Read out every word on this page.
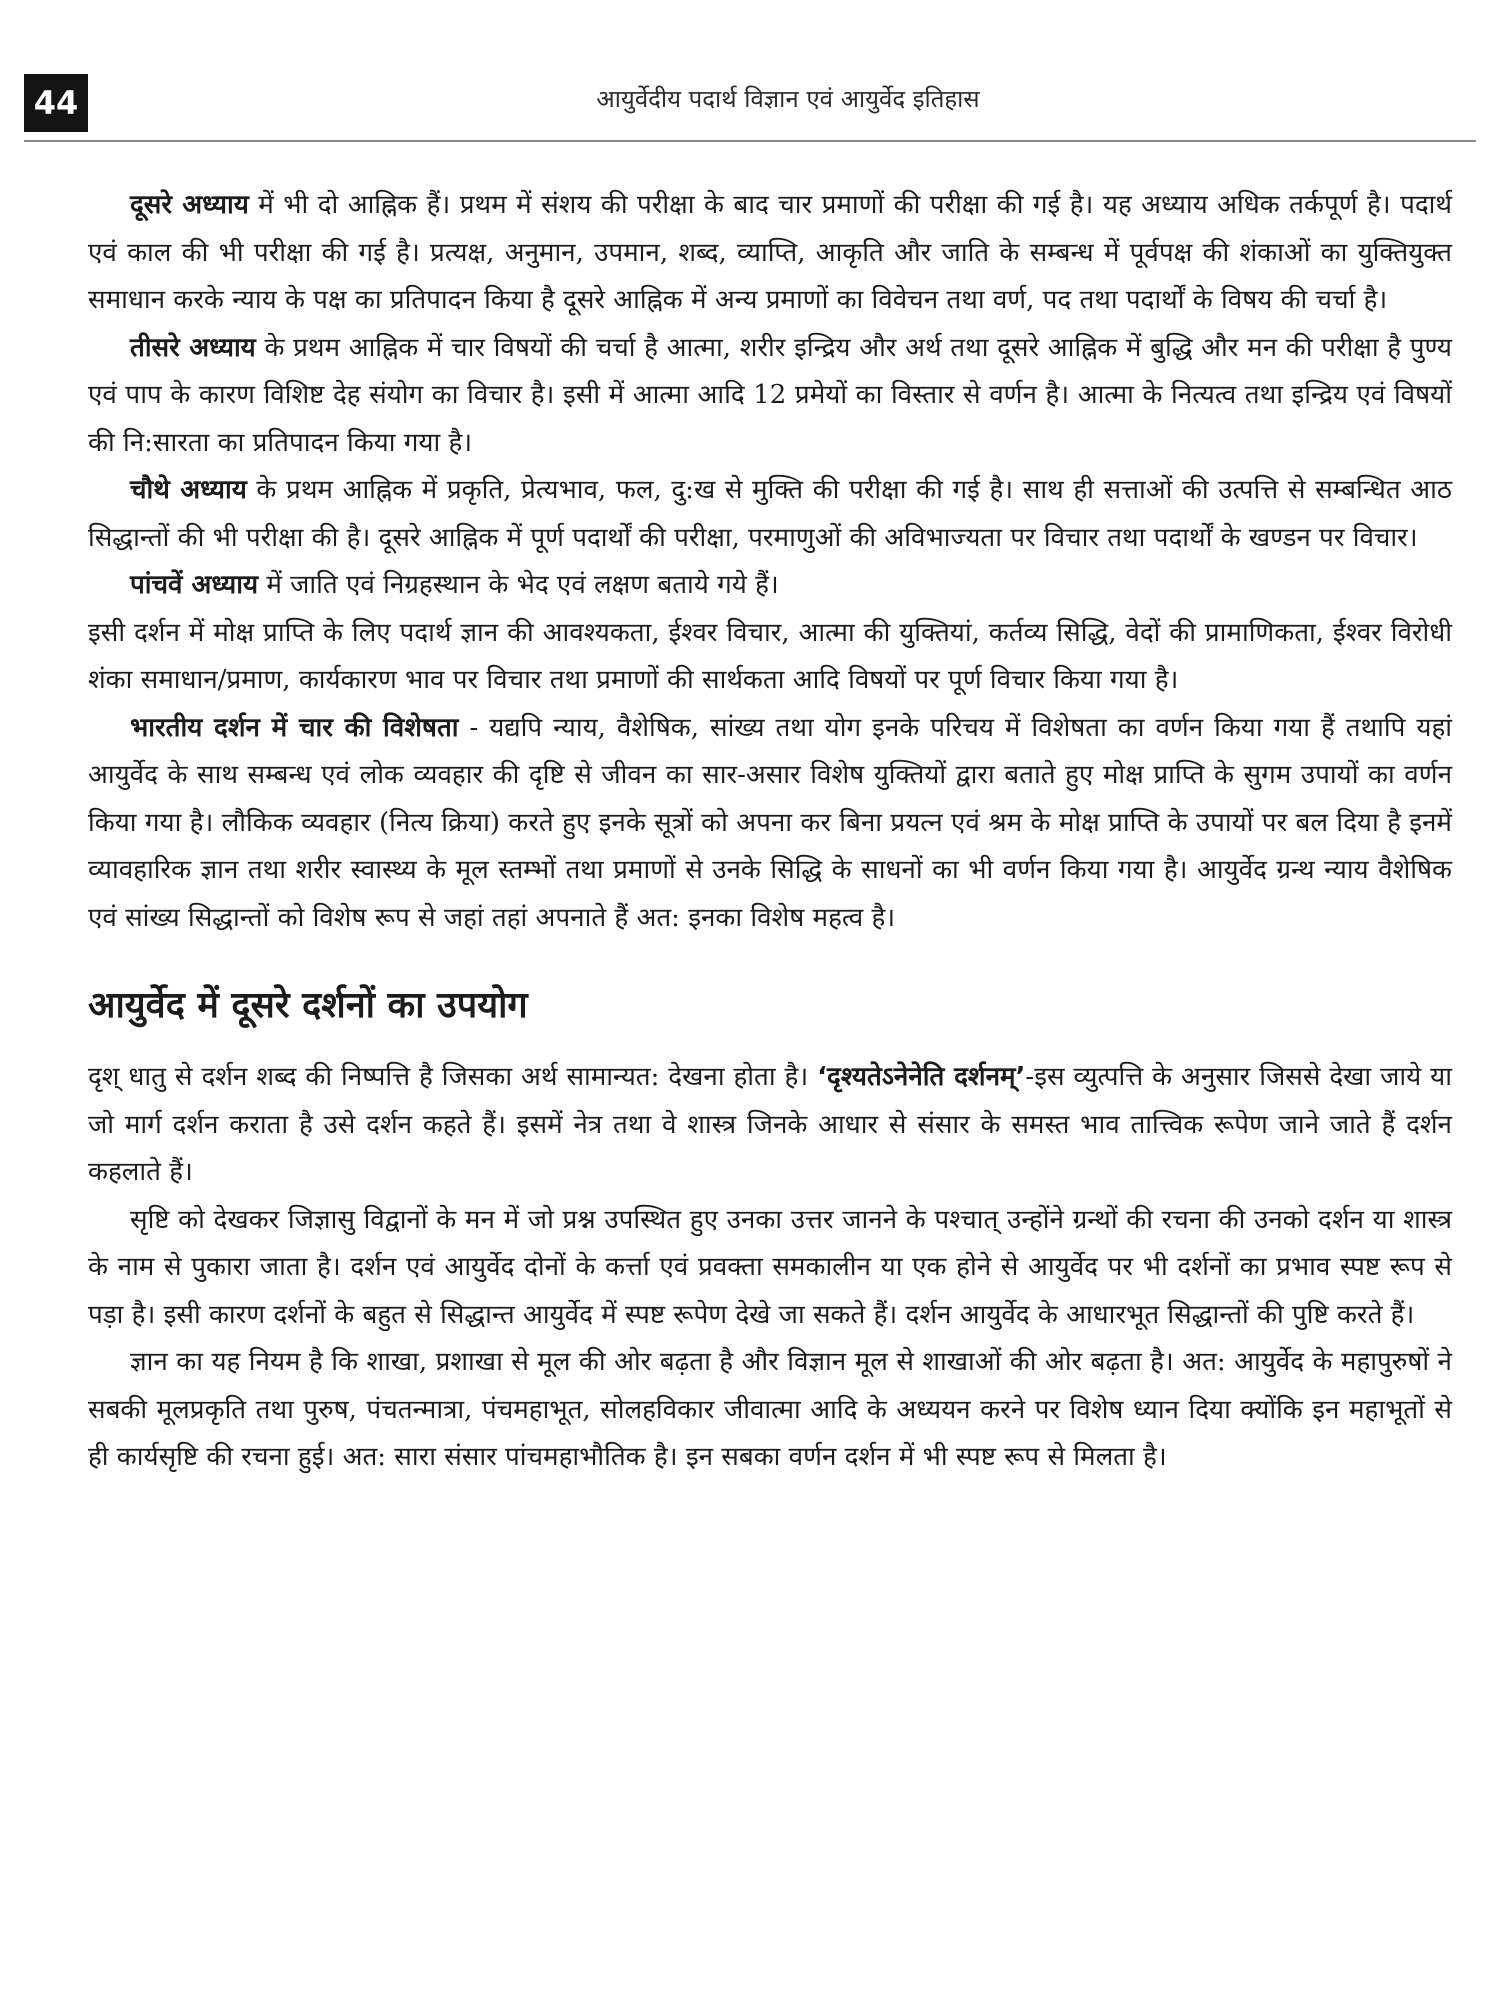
44	आयुर्वेदीय पदार्थ विज्ञान एवं आयुर्वेद इतिहास

दूसरे अध्याय में भी दो आह्निक हैं। प्रथम में संशय की परीक्षा के बाद चार प्रमाणों की परीक्षा की गई है। यह अध्याय अधिक तर्कपूर्ण है। पदार्थ एवं काल की भी परीक्षा की गई है। प्रत्यक्ष, अनुमान, उपमान, शब्द, व्याप्ति, आकृति और जाति के सम्बन्ध में पूर्वपक्ष की शंकाओं का युक्तियुक्त समाधान करके न्याय के पक्ष का प्रतिपादन किया है दूसरे आह्निक में अन्य प्रमाणों का विवेचन तथा वर्ण, पद तथा पदार्थों के विषय की चर्चा है।

तीसरे अध्याय के प्रथम आह्निक में चार विषयों की चर्चा है आत्मा, शरीर इन्द्रिय और अर्थ तथा दूसरे आह्निक में बुद्धि और मन की परीक्षा है पुण्य एवं पाप के कारण विशिष्ट देह संयोग का विचार है। इसी में आत्मा आदि 12 प्रमेयों का विस्तार से वर्णन है। आत्मा के नित्यत्व तथा इन्द्रिय एवं विषयों की नि:सारता का प्रतिपादन किया गया है।

चौथे अध्याय के प्रथम आह्निक में प्रकृति, प्रेत्यभाव, फल, दु:ख से मुक्ति की परीक्षा की गई है। साथ ही सत्ताओं की उत्पत्ति से सम्बन्धित आठ सिद्धान्तों की भी परीक्षा की है। दूसरे आह्निक में पूर्ण पदार्थों की परीक्षा, परमाणुओं की अविभाज्यता पर विचार तथा पदार्थों के खण्डन पर विचार।

पांचवें अध्याय में जाति एवं निग्रहस्थान के भेद एवं लक्षण बताये गये हैं।

इसी दर्शन में मोक्ष प्राप्ति के लिए पदार्थ ज्ञान की आवश्यकता, ईश्वर विचार, आत्मा की युक्तियां, कर्तव्य सिद्धि, वेदों की प्रामाणिकता, ईश्वर विरोधी शंका समाधान/प्रमाण, कार्यकारण भाव पर विचार तथा प्रमाणों की सार्थकता आदि विषयों पर पूर्ण विचार किया गया है।

भारतीय दर्शन में चार की विशेषता - यद्यपि न्याय, वैशेषिक, सांख्य तथा योग इनके परिचय में विशेषता का वर्णन किया गया हैं तथापि यहां आयुर्वेद के साथ सम्बन्ध एवं लोक व्यवहार की दृष्टि से जीवन का सार-असार विशेष युक्तियों द्वारा बताते हुए मोक्ष प्राप्ति के सुगम उपायों का वर्णन किया गया है। लौकिक व्यवहार (नित्य क्रिया) करते हुए इनके सूत्रों को अपना कर बिना प्रयत्न एवं श्रम के मोक्ष प्राप्ति के उपायों पर बल दिया है इनमें व्यावहारिक ज्ञान तथा शरीर स्वास्थ्य के मूल स्तम्भों तथा प्रमाणों से उनके सिद्धि के साधनों का भी वर्णन किया गया है। आयुर्वेद ग्रन्थ न्याय वैशेषिक एवं सांख्य सिद्धान्तों को विशेष रूप से जहां तहां अपनाते हैं अत: इनका विशेष महत्व है।

आयुर्वेद में दूसरे दर्शनों का उपयोग

दृश् धातु से दर्शन शब्द की निष्पत्ति है जिसका अर्थ सामान्यत: देखना होता है। ‘दृश्यतेऽनेनेति दर्शनम्’-इस व्युत्पत्ति के अनुसार जिससे देखा जाये या जो मार्ग दर्शन कराता है उसे दर्शन कहते हैं। इसमें नेत्र तथा वे शास्त्र जिनके आधार से संसार के समस्त भाव तात्त्विक रूपेण जाने जाते हैं दर्शन कहलाते हैं।

सृष्टि को देखकर जिज्ञासु विद्वानों के मन में जो प्रश्न उपस्थित हुए उनका उत्तर जानने के पश्चात् उन्होंने ग्रन्थों की रचना की उनको दर्शन या शास्त्र के नाम से पुकारा जाता है। दर्शन एवं आयुर्वेद दोनों के कर्त्ता एवं प्रवक्ता समकालीन या एक होने से आयुर्वेद पर भी दर्शनों का प्रभाव स्पष्ट रूप से पड़ा है। इसी कारण दर्शनों के बहुत से सिद्धान्त आयुर्वेद में स्पष्ट रूपेण देखे जा सकते हैं। दर्शन आयुर्वेद के आधारभूत सिद्धान्तों की पुष्टि करते हैं।

ज्ञान का यह नियम है कि शाखा, प्रशाखा से मूल की ओर बढ़ता है और विज्ञान मूल से शाखाओं की ओर बढ़ता है। अत: आयुर्वेद के महापुरुषों ने सबकी मूलप्रकृति तथा पुरुष, पंचतन्मात्रा, पंचमहाभूत, सोलहविकार जीवात्मा आदि के अध्ययन करने पर विशेष ध्यान दिया क्योंकि इन महाभूतों से ही कार्यसृष्टि की रचना हुई। अत: सारा संसार पांचमहाभौतिक है। इन सबका वर्णन दर्शन में भी स्पष्ट रूप से मिलता है।
